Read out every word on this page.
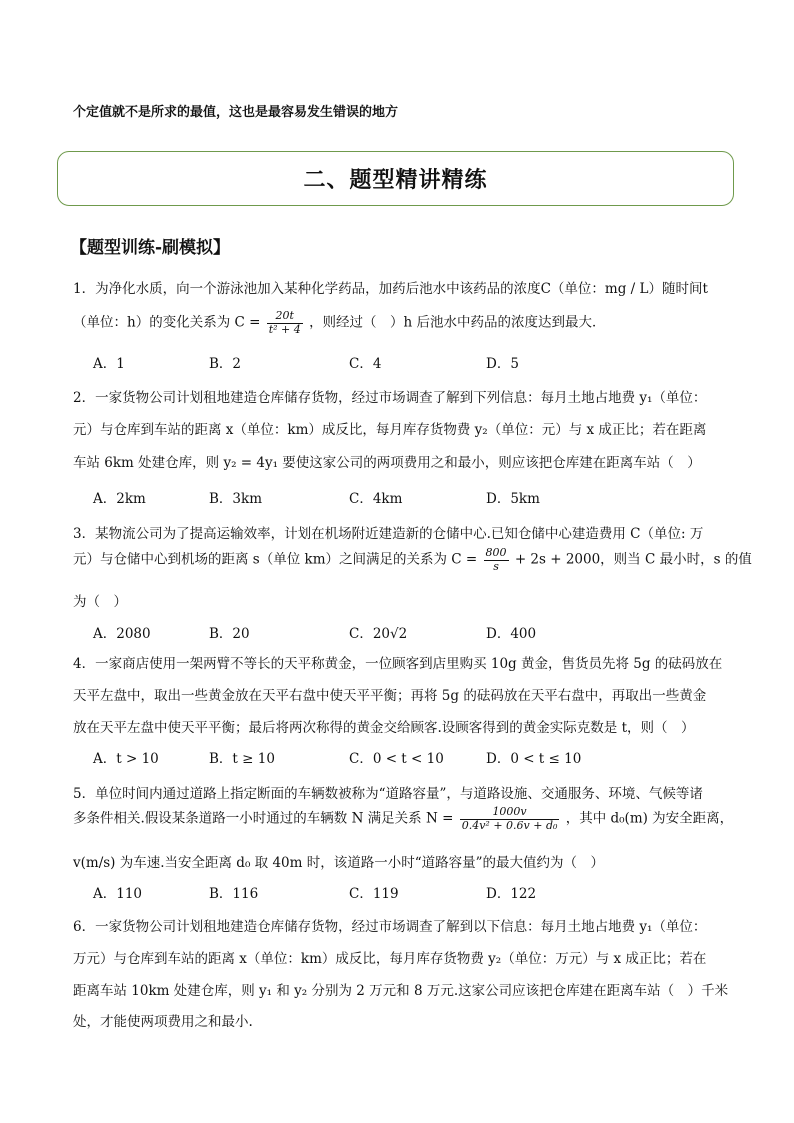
个定值就不是所求的最值，这也是最容易发生错误的地方
二、题型精讲精练
【题型训练-刷模拟】
1．为净化水质，向一个游泳池加入某种化学药品，加药后池水中该药品的浓度C（单位：mg / L）随时间t
（单位：h）的变化关系为 $C = \frac{20t}{\text{t² + 4}}$ ，则经过（　）h 后池水中药品的浓度达到最大．
A．1	B．2	C．4	D．5
2．一家货物公司计划租地建造仓库储存货物，经过市场调查了解到下列信息：每月土地占地费 y₁（单位：
元）与仓库到车站的距离 x（单位：km）成反比，每月库存货物费 y₂（单位：元）与 x 成正比；若在距离
车站 6km 处建仓库，则 y₂ = 4y₁ 要使这家公司的两项费用之和最小，则应该把仓库建在距离车站（　）
A．2km	B．3km	C．4km	D．5km
3．某物流公司为了提高运输效率，计划在机场附近建造新的仓储中心.已知仓储中心建造费用 C（单位: 万
元）与仓储中心到机场的距离 s（单位 km）之间满足的关系为 $C = \frac{800}{s} + 2s + 2000$，则当 C 最小时，s 的值
为（　）
A．2080	B．20	C．20√2	D．400
4．一家商店使用一架两臂不等长的天平称黄金，一位顾客到店里购买 10g 黄金，售货员先将 5g 的砝码放在
天平左盘中，取出一些黄金放在天平右盘中使天平平衡；再将 5g 的砝码放在天平右盘中，再取出一些黄金
放在天平左盘中使天平平衡；最后将两次称得的黄金交给顾客.设顾客得到的黄金实际克数是 t，则（　）
A．t > 10	B．t ≥ 10	C．0 < t < 10	D．0 < t ≤ 10
5．单位时间内通过道路上指定断面的车辆数被称为“道路容量”，与道路设施、交通服务、环境、气候等诸
多条件相关.假设某条道路一小时通过的车辆数 N 满足关系 $N = \frac{1000v}{\text{0.4v² + 0.6v + d₀}}$ ，其中 d₀(m) 为安全距离，
v(m/s) 为车速.当安全距离 d₀ 取 40m 时，该道路一小时“道路容量”的最大值约为（　）
A．110	B．116	C．119	D．122
6．一家货物公司计划租地建造仓库储存货物，经过市场调查了解到以下信息：每月土地占地费 y₁（单位：
万元）与仓库到车站的距离 x（单位：km）成反比，每月库存货物费 y₂（单位：万元）与 x 成正比；若在
距离车站 10km 处建仓库，则 y₁ 和 y₂ 分别为 2 万元和 8 万元.这家公司应该把仓库建在距离车站（　）千米
处，才能使两项费用之和最小.
